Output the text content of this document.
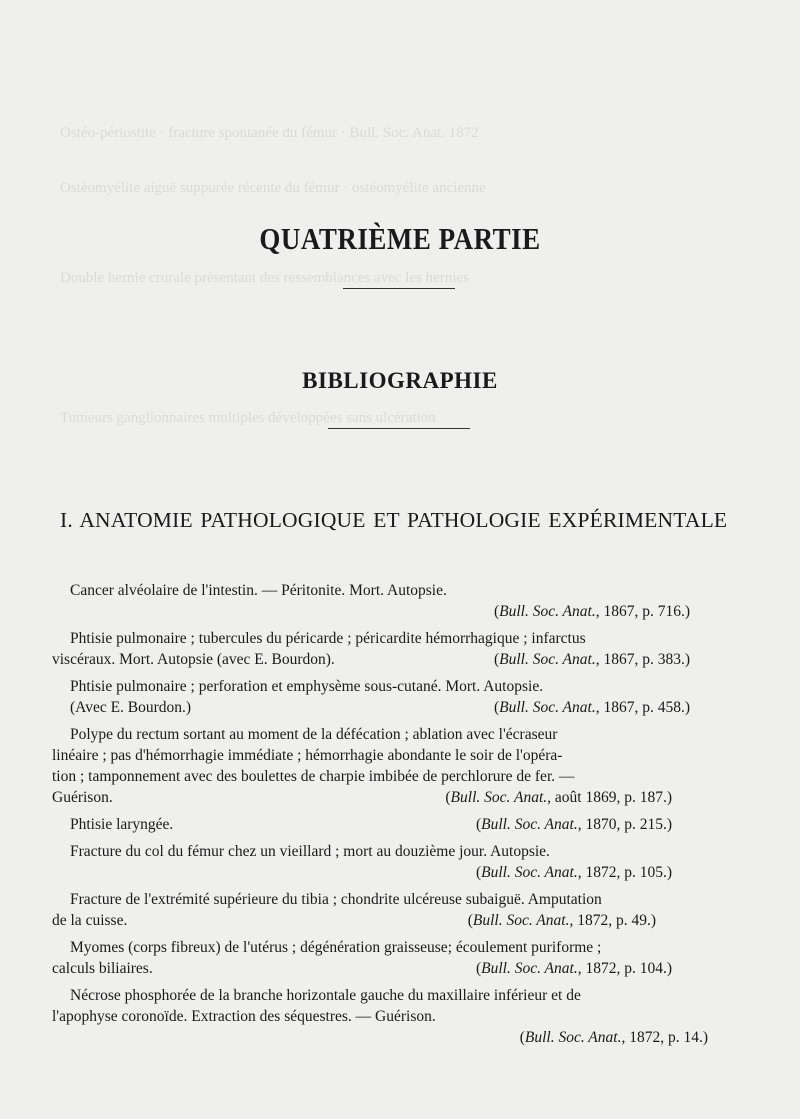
Ostéo-périostite · fracture spontanée du fémur · Bull. Soc. Anat. 1872
Ostéomyélite aiguë suppurée récente du fémur · ostéomyélite ancienne
Double hernie crurale présentant des ressemblances avec les hernies
Tumeurs ganglionnaires multiples développées sans ulcération
QUATRIÈME PARTIE
BIBLIOGRAPHIE
I. ANATOMIE PATHOLOGIQUE ET PATHOLOGIE EXPÉRIMENTALE

Cancer alvéolaire de l'intestin. — Péritonite. Mort. Autopsie.

(Bull. Soc. Anat., 1867, p. 716.)

Phtisie pulmonaire ; tubercules du péricarde ; péricardite hémorrhagique ; infarctus

viscéraux. Mort. Autopsie (avec E. Bourdon).	(Bull. Soc. Anat., 1867, p. 383.)

Phtisie pulmonaire ; perforation et emphysème sous-cutané. Mort. Autopsie.

(Avec E. Bourdon.)	(Bull. Soc. Anat., 1867, p. 458.)

Polype du rectum sortant au moment de la défécation ; ablation avec l'écraseur

linéaire ; pas d'hémorrhagie immédiate ; hémorrhagie abondante le soir de l'opéra-

tion ; tamponnement avec des boulettes de charpie imbibée de perchlorure de fer. —

Guérison.	(Bull. Soc. Anat., août 1869, p. 187.)

Phtisie laryngée.	(Bull. Soc. Anat., 1870, p. 215.)

Fracture du col du fémur chez un vieillard ; mort au douzième jour. Autopsie.

(Bull. Soc. Anat., 1872, p. 105.)

Fracture de l'extrémité supérieure du tibia ; chondrite ulcéreuse subaiguë. Amputation

de la cuisse.	(Bull. Soc. Anat., 1872, p. 49.)

Myomes (corps fibreux) de l'utérus ; dégénération graisseuse; écoulement puriforme ;

calculs biliaires.	(Bull. Soc. Anat., 1872, p. 104.)

Nécrose phosphorée de la branche horizontale gauche du maxillaire inférieur et de

l'apophyse coronoïde. Extraction des séquestres. — Guérison.

(Bull. Soc. Anat., 1872, p. 14.)
